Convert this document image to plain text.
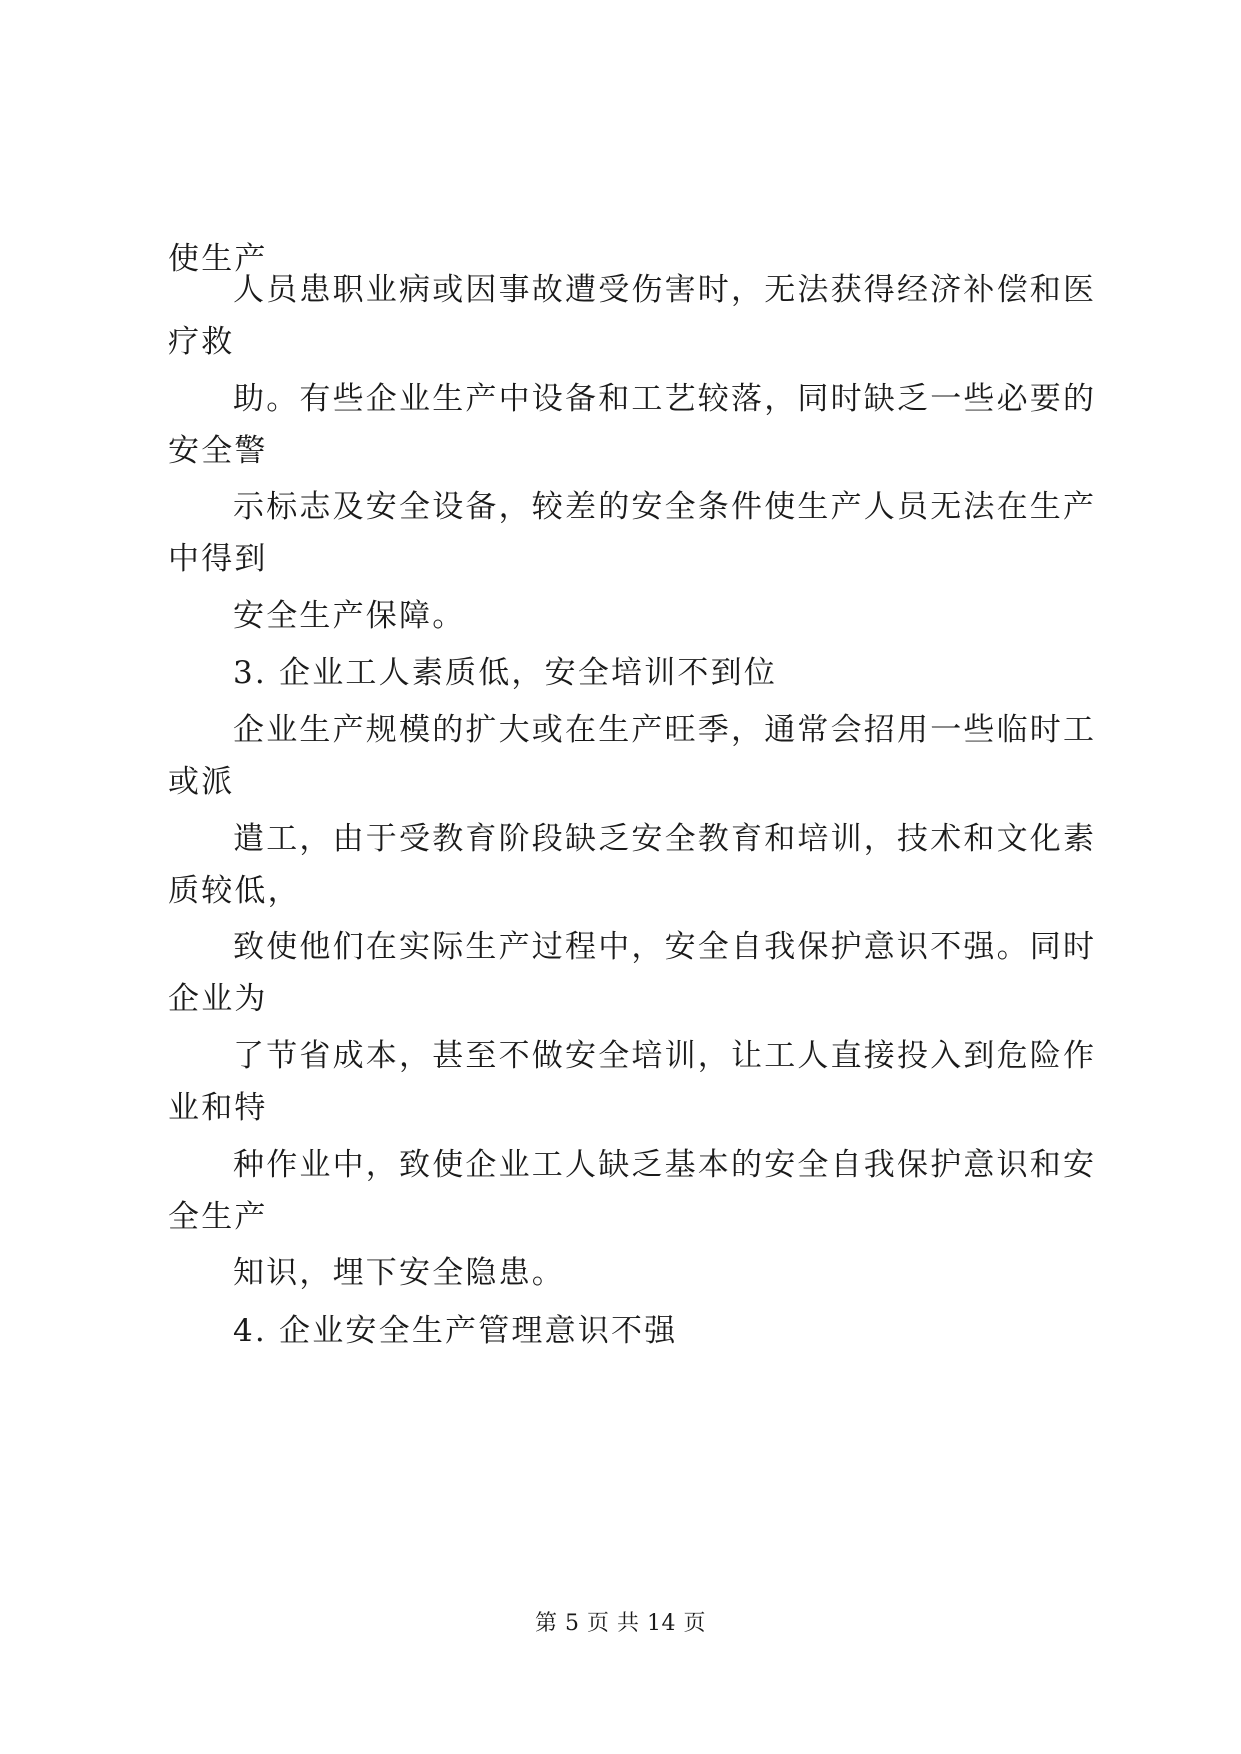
使生产
人员患职业病或因事故遭受伤害时，无法获得经济补偿和医
疗救
助。有些企业生产中设备和工艺较落，同时缺乏一些必要的
安全警
示标志及安全设备，较差的安全条件使生产人员无法在生产
中得到
安全生产保障。
3. 企业工人素质低，安全培训不到位
企业生产规模的扩大或在生产旺季，通常会招用一些临时工
或派
遣工，由于受教育阶段缺乏安全教育和培训，技术和文化素
质较低，
致使他们在实际生产过程中，安全自我保护意识不强。同时
企业为
了节省成本，甚至不做安全培训，让工人直接投入到危险作
业和特
种作业中，致使企业工人缺乏基本的安全自我保护意识和安
全生产
知识，埋下安全隐患。
4. 企业安全生产管理意识不强
第 5 页 共 14 页
